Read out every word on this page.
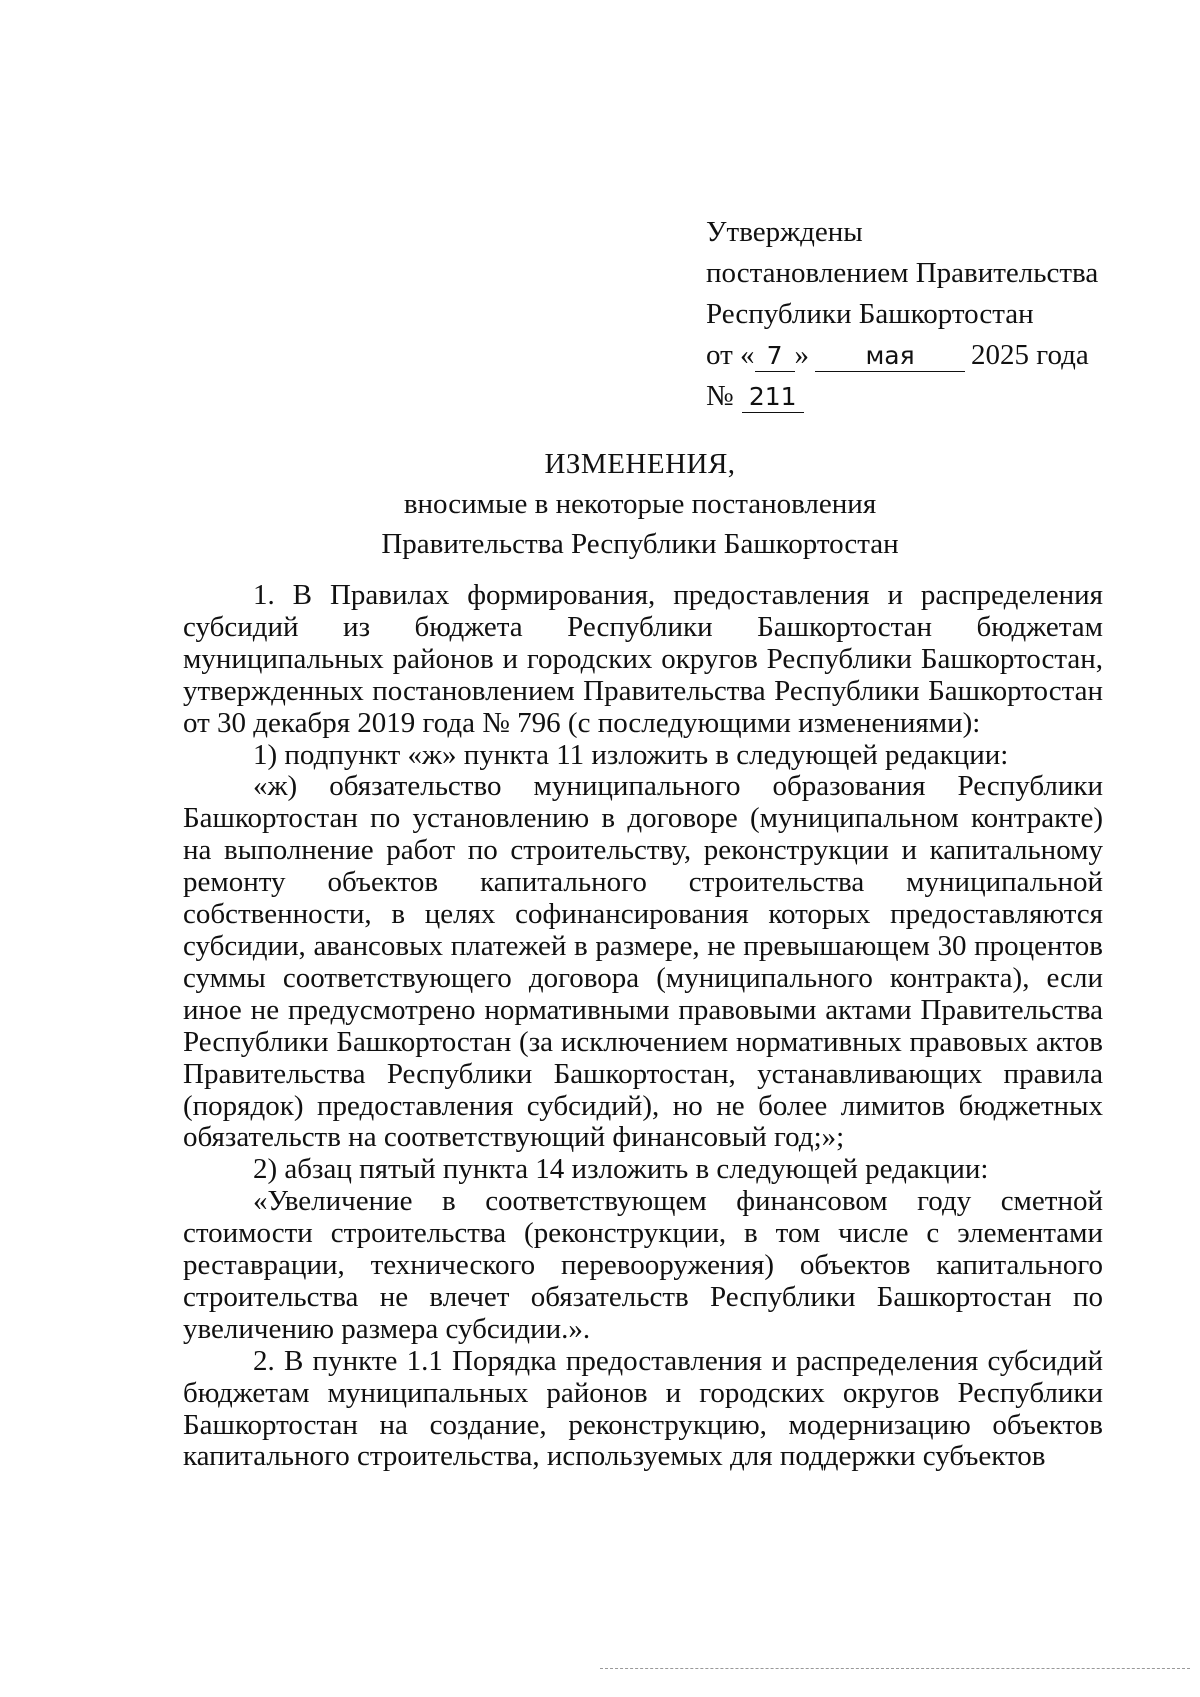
Утверждены
постановлением Правительства
Республики Башкортостан
от « 7 » мая 2025 года
№ 211
ИЗМЕНЕНИЯ,
вносимые в некоторые постановления
Правительства Республики Башкортостан

1. В Правилах формирования, предоставления и распределения субсидий из бюджета Республики Башкортостан бюджетам муниципальных районов и городских округов Республики Башкортостан, утвержденных постановлением Правительства Республики Башкортостан от 30 декабря 2019 года № 796 (с последующими изменениями):

1) подпункт «ж» пункта 11 изложить в следующей редакции:

«ж) обязательство муниципального образования Республики Башкортостан по установлению в договоре (муниципальном контракте) на выполнение работ по строительству, реконструкции и капитальному ремонту объектов капитального строительства муниципальной собственности, в целях софинансирования которых предоставляются субсидии, авансовых платежей в размере, не превышающем 30 процентов суммы соответствующего договора (муниципального контракта), если иное не предусмотрено нормативными правовыми актами Правительства Республики Башкортостан (за исключением нормативных правовых актов Правительства Республики Башкортостан, устанавливающих правила (порядок) предоставления субсидий), но не более лимитов бюджетных обязательств на соответствующий финансовый год;»;

2) абзац пятый пункта 14 изложить в следующей редакции:

«Увеличение в соответствующем финансовом году сметной стоимости строительства (реконструкции, в том числе с элементами реставрации, технического перевооружения) объектов капитального строительства не влечет обязательств Республики Башкортостан по увеличению размера субсидии.».

2. В пункте 1.1 Порядка предоставления и распределения субсидий бюджетам муниципальных районов и городских округов Республики Башкортостан на создание, реконструкцию, модернизацию объектов капитального строительства, используемых для поддержки субъектов
